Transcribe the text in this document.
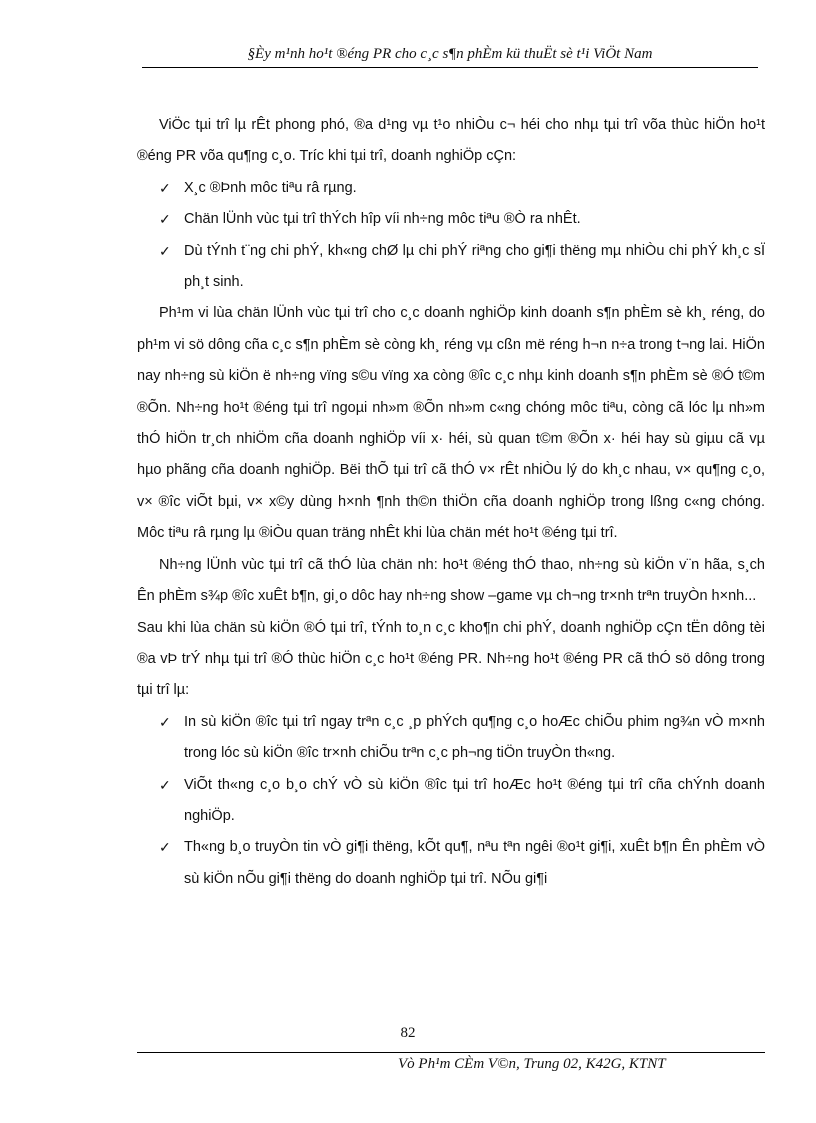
§Èy m¹nh ho¹t ®éng PR cho c¸c s¶n phÈm kü thuËt sè t¹i ViÖt Nam

ViÖc tµi trî lµ rÊt phong phó, ®a d¹ng vµ t¹o nhiÒu c¬ héi cho nhµ tµi trî võa thùc hiÖn ho¹t ®éng PR võa qu¶ng c¸o. Tríc khi tµi trî, doanh nghiÖp cÇn:

✓ X¸c ®Þnh môc tiªu râ rµng.

✓ Chän lÜnh vùc tµi trî thÝch hîp víi nh÷ng môc tiªu ®Ò ra nhÊt.

✓ Dù tÝnh t¨ng chi phÝ, kh«ng chØ lµ chi phÝ riªng cho gi¶i thëng mµ nhiÒu chi phÝ kh¸c sÏ ph¸t sinh.

Ph¹m vi lùa chän lÜnh vùc tµi trî cho c¸c doanh nghiÖp kinh doanh s¶n phÈm sè kh¸ réng, do ph¹m vi sö dông cña c¸c s¶n phÈm sè còng kh¸ réng vµ cßn më réng h¬n n÷a trong t¬ng lai. HiÖn nay nh÷ng sù kiÖn ë nh÷ng vïng s©u vïng xa còng ®îc c¸c nhµ kinh doanh s¶n phÈm sè ®Ó t©m ®Õn. Nh÷ng ho¹t ®éng tµi trî ngoµi nh»m ®Õn nh»m c«ng chóng môc tiªu, còng cã lóc lµ nh»m thÓ hiÖn tr¸ch nhiÖm cña doanh nghiÖp víi x· héi, sù quan t©m ®Õn x· héi hay sù giµu cã vµ hµo phãng cña doanh nghiÖp. Bëi thÕ tµi trî cã thÓ v× rÊt nhiÒu lý do kh¸c nhau, v× qu¶ng c¸o, v× ®îc viÕt bµi, v× x©y dùng h×nh ¶nh th©n thiÖn cña doanh nghiÖp trong lßng c«ng chóng. Môc tiªu râ rµng lµ ®iÒu quan träng nhÊt khi lùa chän mét ho¹t ®éng tµi trî.

Nh÷ng lÜnh vùc tµi trî cã thÓ lùa chän nh: ho¹t ®éng thÓ thao, nh÷ng sù kiÖn v¨n hãa, s¸ch Ên phÈm s¾p ®îc xuÊt b¶n, gi¸o dôc hay nh÷ng show –game vµ ch¬ng tr×nh trªn truyÒn h×nh...

Sau khi lùa chän sù kiÖn ®Ó tµi trî, tÝnh to¸n c¸c kho¶n chi phÝ, doanh nghiÖp cÇn tËn dông tèi ®a vÞ trÝ nhµ tµi trî ®Ó thùc hiÖn c¸c ho¹t ®éng PR. Nh÷ng ho¹t ®éng PR cã thÓ sö dông trong tµi trî lµ:

✓ In sù kiÖn ®îc tµi trî ngay trªn c¸c ¸p phÝch qu¶ng c¸o hoÆc chiÕu phim ng¾n vÒ m×nh trong lóc sù kiÖn ®îc tr×nh chiÕu trªn c¸c ph¬ng tiÖn truyÒn th«ng.

✓ ViÕt th«ng c¸o b¸o chÝ vÒ sù kiÖn ®îc tµi trî hoÆc ho¹t ®éng tµi trî cña chÝnh doanh nghiÖp.

✓ Th«ng b¸o truyÒn tin vÒ gi¶i thëng, kÕt qu¶, nªu tªn ngêi ®o¹t gi¶i, xuÊt b¶n Ên phÈm vÒ sù kiÖn nÕu gi¶i thëng do doanh nghiÖp tµi trî. NÕu gi¶i

82
Vò Ph¹m CÈm V©n, Trung 02, K42G, KTNT
